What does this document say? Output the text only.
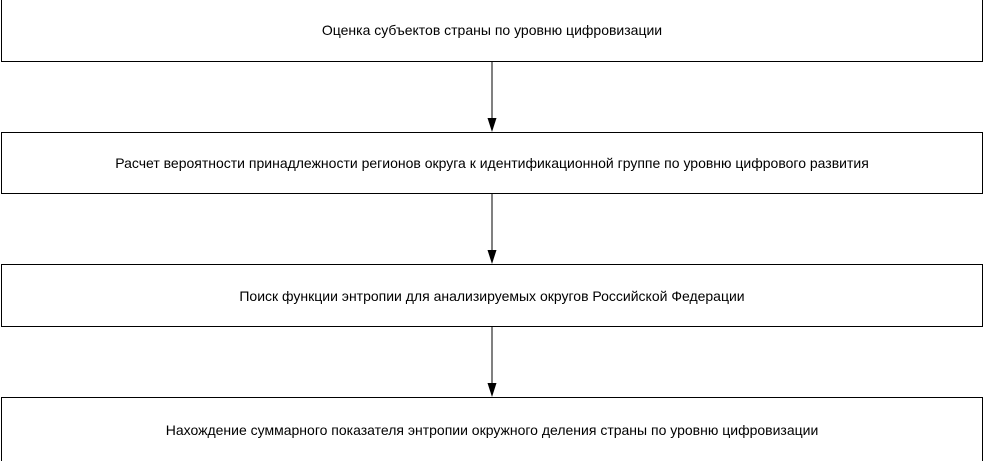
Оценка субъектов страны по уровню цифровизации
Расчет вероятности принадлежности регионов округа к идентификационной группе по уровню цифрового развития
Поиск функции энтропии для анализируемых округов Российской Федерации
Нахождение суммарного показателя энтропии окружного деления страны по уровню цифровизации
